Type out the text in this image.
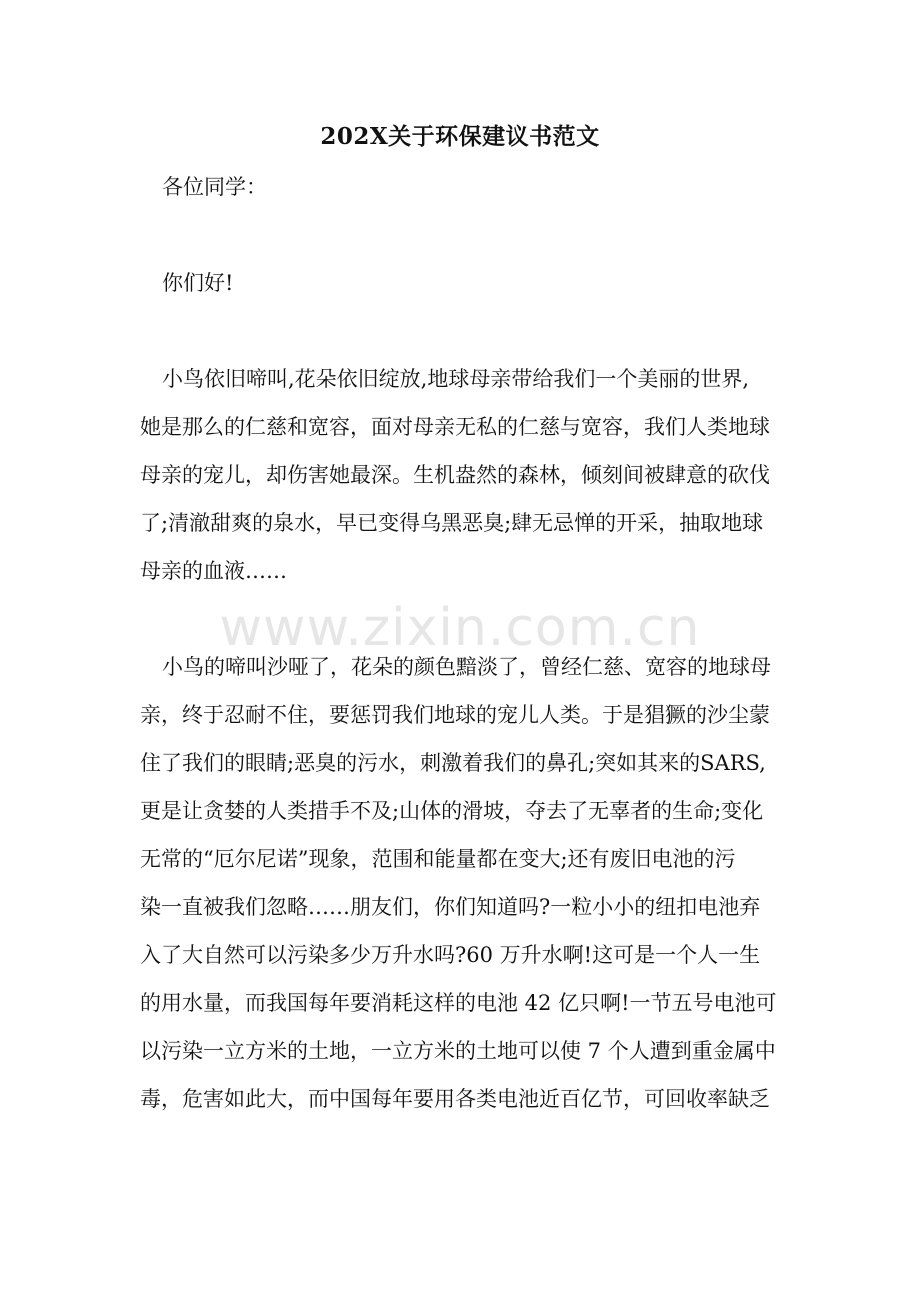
202X关于环保建议书范文
各位同学：
你们好!
小鸟依旧啼叫,花朵依旧绽放,地球母亲带给我们一个美丽的世界,
她是那么的仁慈和宽容，面对母亲无私的仁慈与宽容，我们人类地球
母亲的宠儿，却伤害她最深。生机盎然的森林，倾刻间被肆意的砍伐
了;清澈甜爽的泉水，早已变得乌黑恶臭;肆无忌惮的开采，抽取地球
母亲的血液……
www.zixin.com.cn
小鸟的啼叫沙哑了，花朵的颜色黯淡了，曾经仁慈、宽容的地球母
亲，终于忍耐不住，要惩罚我们地球的宠儿人类。于是猖獗的沙尘蒙
住了我们的眼睛;恶臭的污水，刺激着我们的鼻孔;突如其来的SARS,
更是让贪婪的人类措手不及;山体的滑坡，夺去了无辜者的生命;变化
无常的“厄尔尼诺”现象，范围和能量都在变大;还有废旧电池的污
染一直被我们忽略……朋友们，你们知道吗?一粒小小的纽扣电池弃
入了大自然可以污染多少万升水吗?60 万升水啊!这可是一个人一生
的用水量，而我国每年要消耗这样的电池 42 亿只啊!一节五号电池可
以污染一立方米的土地，一立方米的土地可以使 7 个人遭到重金属中
毒，危害如此大，而中国每年要用各类电池近百亿节，可回收率缺乏
